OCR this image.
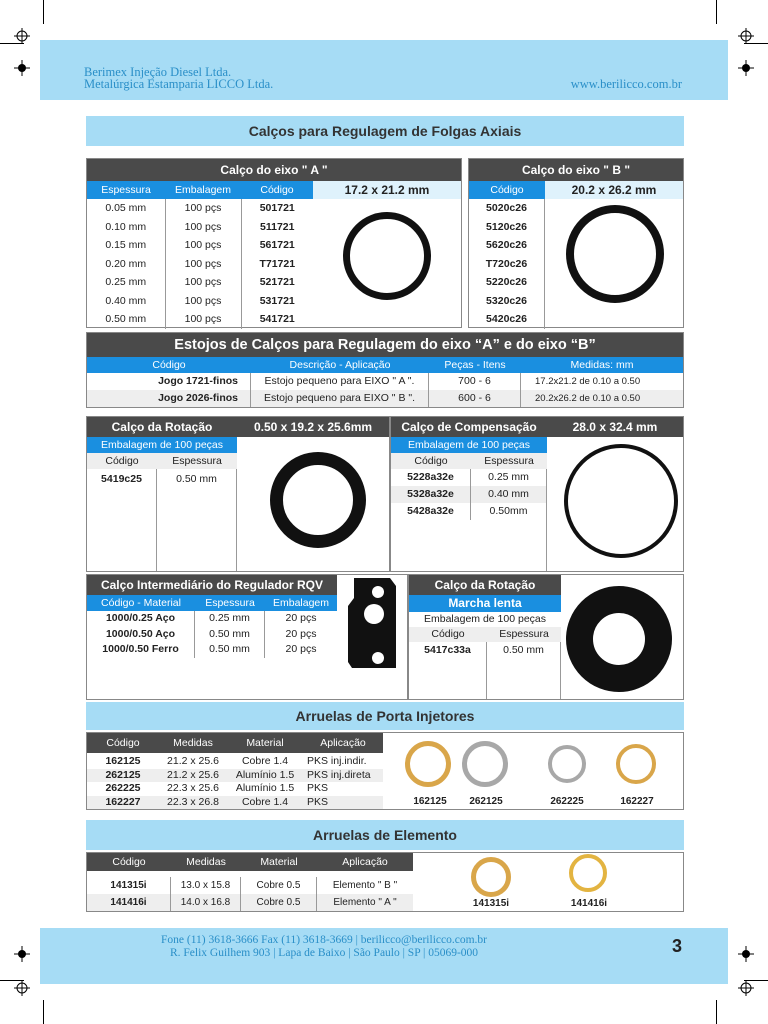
Berimex Injeção Diesel Ltda.
Metalúrgica Estamparia LICCO Ltda.	www.berilicco.com.br
Calços para Regulagem de Folgas Axiais
Calço do eixo " A "
Espessura	Embalagem	Código	17.2 x 21.2 mm
0.05 mm	100 pçs	501721
0.10 mm	100 pçs	511721
0.15 mm	100 pçs	561721
0.20 mm	100 pçs	T71721
0.25 mm	100 pçs	521721
0.40 mm	100 pçs	531721
0.50 mm	100 pçs	541721
Calço do eixo " B "
Código	20.2 x 26.2 mm
5020c26
5120c26
5620c26
T720c26
5220c26
5320c26
5420c26
Estojos de Calços para Regulagem do eixo “A” e do eixo “B”
Código	Descrição - Aplicação	Peças - Itens	Medidas: mm
Jogo 1721-finos	Estojo pequeno para EIXO " A ".	700 - 6	17.2x21.2 de 0.10 a 0.50
Jogo 2026-finos	Estojo pequeno para EIXO " B ".	600 - 6	20.2x26.2 de 0.10 a 0.50
Calço da Rotação	0.50 x 19.2 x 25.6mm
Embalagem de 100 peças
Código	Espessura
5419c25	0.50 mm
Calço de Compensação	28.0 x 32.4 mm
Embalagem de 100 peças
Código	Espessura
5228a32e	0.25 mm
5328a32e	0.40 mm
5428a32e	0.50mm
Calço Intermediário do Regulador RQV
Código - Material	Espessura	Embalagem
1000/0.25 Aço	0.25 mm	20 pçs
1000/0.50 Aço	0.50 mm	20 pçs
1000/0.50 Ferro	0.50 mm	20 pçs
Calço da Rotação
Marcha lenta
Embalagem de 100 peças
Código	Espessura
5417c33a	0.50 mm
Arruelas de Porta Injetores
Código	Medidas	Material	Aplicação
162125	21.2 x 25.6	Cobre 1.4	PKS inj.indir.
262125	21.2 x 25.6	Alumínio 1.5	PKS inj.direta
262225	22.3 x 25.6	Alumínio 1.5	PKS
162227	22.3 x 26.8	Cobre 1.4	PKS	162125	262125	262225	162227
Arruelas de Elemento
Código	Medidas	Material	Aplicação
141315i	13.0 x 15.8	Cobre 0.5	Elemento " B "
141416i	14.0 x 16.8	Cobre 0.5	Elemento " A "	141315i	141416i
Fone (11) 3618-3666 Fax (11) 3618-3669 | berilicco@berilicco.com.br
R. Felix Guilhem 903 | Lapa de Baixo | São Paulo | SP | 05069-000	3
